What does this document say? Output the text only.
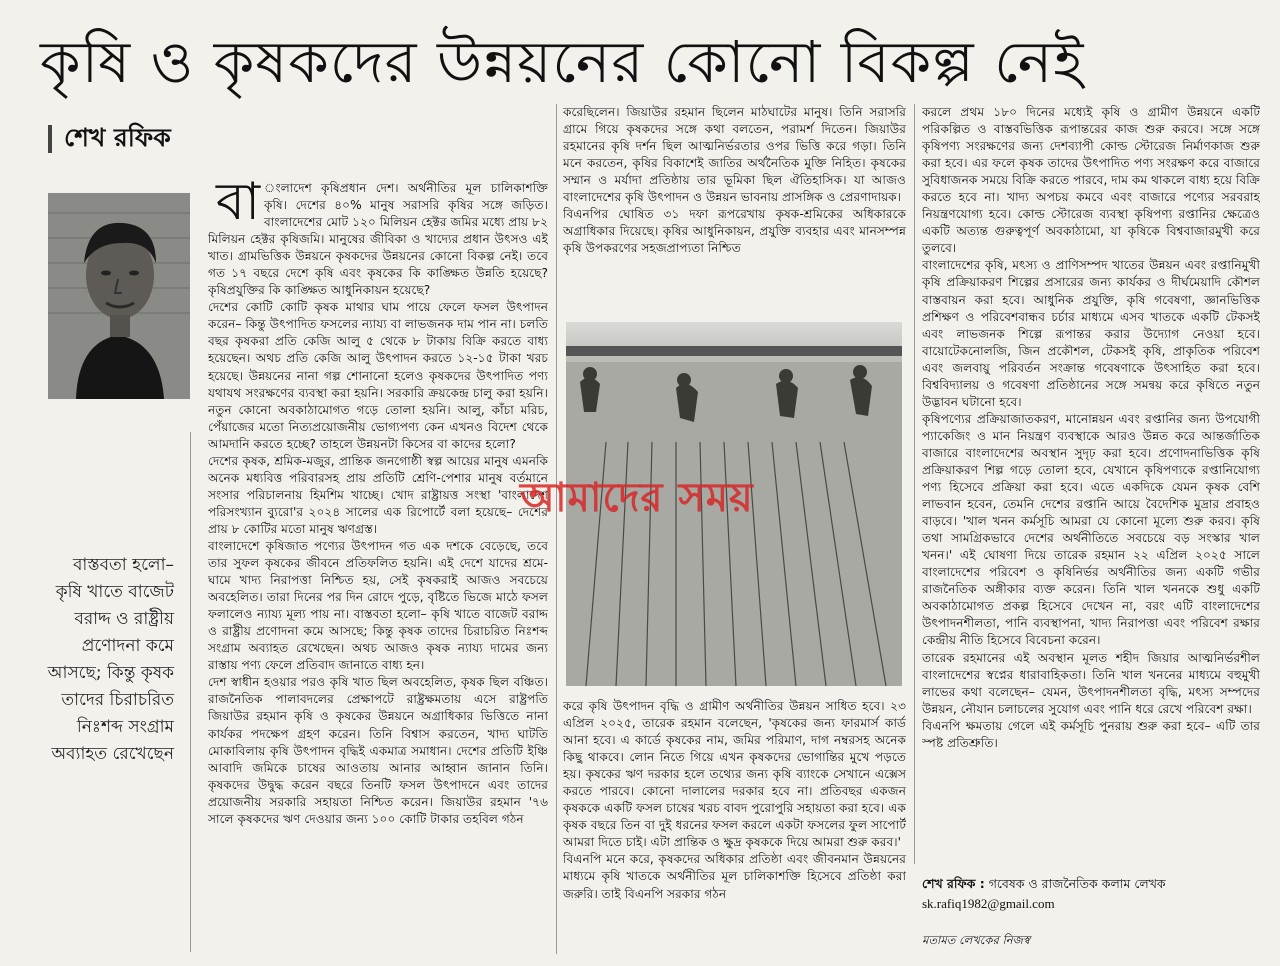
কৃষি ও কৃষকদের উন্নয়নের কোনো বিকল্প নেই
শেখ রফিক
বাস্তবতা হলো– কৃষি খাতে বাজেট বরাদ্দ ও রাষ্ট্রীয় প্রণোদনা কমে আসছে; কিন্তু কৃষক তাদের চিরাচরিত নিঃশব্দ সংগ্রাম অব্যাহত রেখেছেন
বা ংলাদেশ কৃষিপ্রধান দেশ। অর্থনীতির মূল চালিকাশক্তি কৃষি। দেশের ৪০% মানুষ সরাসরি কৃষির সঙ্গে জড়িত। বাংলাদেশের মোট ১২০ মিলিয়ন হেক্টর জমির মধ্যে প্রায় ৮২ মিলিয়ন হেক্টর কৃষিজমি। মানুষের জীবিকা ও খাদ্যের প্রধান উৎসও এই খাত। গ্রামভিত্তিক উন্নয়নে কৃষকদের উন্নয়নের কোনো বিকল্প নেই। তবে গত ১৭ বছরে দেশে কৃষি এবং কৃষকের কি কাঙ্ক্ষিত উন্নতি হয়েছে? কৃষিপ্রযুক্তির কি কাঙ্ক্ষিত আধুনিকায়ন হয়েছে?

দেশের কোটি কোটি কৃষক মাথার ঘাম পায়ে ফেলে ফসল উৎপাদন করেন– কিন্তু উৎপাদিত ফসলের ন্যায্য বা লাভজনক দাম পান না। চলতি বছর কৃষকরা প্রতি কেজি আলু ৫ থেকে ৮ টাকায় বিক্রি করতে বাধ্য হয়েছেন। অথচ প্রতি কেজি আলু উৎপাদন করতে ১২-১৫ টাকা খরচ হয়েছে। উন্নয়নের নানা গল্প শোনানো হলেও কৃষকদের উৎপাদিত পণ্য যথাযথ সংরক্ষণের ব্যবস্থা করা হয়নি। সরকারি ক্রয়কেন্দ্র চালু করা হয়নি। নতুন কোনো অবকাঠামোগত গড়ে তোলা হয়নি। আলু, কাঁচা মরিচ, পেঁয়াজের মতো নিত্যপ্রয়োজনীয় ভোগ্যপণ্য কেন এখনও বিদেশ থেকে আমদানি করতে হচ্ছে? তাহলে উন্নয়নটা কিসের বা কাদের হলো?

দেশের কৃষক, শ্রমিক-মজুর, প্রান্তিক জনগোষ্ঠী স্বল্প আয়ের মানুষ এমনকি অনেক মধ্যবিত্ত পরিবারসহ প্রায় প্রতিটি শ্রেণি-পেশার মানুষ বর্তমানে সংসার পরিচালনায় হিমশিম খাচ্ছে। খোদ রাষ্ট্রায়ত্ত সংস্থা 'বাংলাদেশ পরিসংখ্যান ব্যুরো'র ২০২৪ সালের এক রিপোর্টে বলা হয়েছে– দেশের প্রায় ৮ কোটির মতো মানুষ ঋণগ্রস্ত।

বাংলাদেশে কৃষিজাত পণ্যের উৎপাদন গত এক দশকে বেড়েছে, তবে তার সুফল কৃষকের জীবনে প্রতিফলিত হয়নি। এই দেশে যাদের শ্রমে-ঘামে খাদ্য নিরাপত্তা নিশ্চিত হয়, সেই কৃষকরাই আজও সবচেয়ে অবহেলিত। তারা দিনের পর দিন রোদে পুড়ে, বৃষ্টিতে ভিজে মাঠে ফসল ফলালেও ন্যায্য মূল্য পায় না। বাস্তবতা হলো– কৃষি খাতে বাজেট বরাদ্দ ও রাষ্ট্রীয় প্রণোদনা কমে আসছে; কিন্তু কৃষক তাদের চিরাচরিত নিঃশব্দ সংগ্রাম অব্যাহত রেখেছেন। অথচ আজও কৃষক ন্যায্য দামের জন্য রাস্তায় পণ্য ফেলে প্রতিবাদ জানাতে বাধ্য হন।

দেশ স্বাধীন হওয়ার পরও কৃষি খাত ছিল অবহেলিত, কৃষক ছিল বঞ্চিত। রাজনৈতিক পালাবদলের প্রেক্ষাপটে রাষ্ট্রক্ষমতায় এসে রাষ্ট্রপতি জিয়াউর রহমান কৃষি ও কৃষকের উন্নয়নে অগ্রাধিকার ভিত্তিতে নানা কার্যকর পদক্ষেপ গ্রহণ করেন। তিনি বিশ্বাস করতেন, খাদ্য ঘাটতি মোকাবিলায় কৃষি উৎপাদন বৃদ্ধিই একমাত্র সমাধান। দেশের প্রতিটি ইঞ্চি আবাদি জমিকে চাষের আওতায় আনার আহ্বান জানান তিনি। কৃষকদের উদ্বুদ্ধ করেন বছরে তিনটি ফসল উৎপাদনে এবং তাদের প্রয়োজনীয় সরকারি সহায়তা নিশ্চিত করেন। জিয়াউর রহমান '৭৬ সালে কৃষকদের ঋণ দেওয়ার জন্য ১০০ কোটি টাকার তহবিল গঠন

করেছিলেন। জিয়াউর রহমান ছিলেন মাঠঘাটের মানুষ। তিনি সরাসরি গ্রামে গিয়ে কৃষকদের সঙ্গে কথা বলতেন, পরামর্শ দিতেন। জিয়াউর রহমানের কৃষি দর্শন ছিল আত্মনির্ভরতার ওপর ভিত্তি করে গড়া। তিনি মনে করতেন, কৃষির বিকাশেই জাতির অর্থনৈতিক মুক্তি নিহিত। কৃষকের সম্মান ও মর্যাদা প্রতিষ্ঠায় তার ভূমিকা ছিল ঐতিহাসিক। যা আজও বাংলাদেশের কৃষি উৎপাদন ও উন্নয়ন ভাবনায় প্রাসঙ্গিক ও প্রেরণাদায়ক।

বিএনপির ঘোষিত ৩১ দফা রূপরেখায় কৃষক-শ্রমিকের অধিকারকে অগ্রাধিকার দিয়েছে। কৃষির আধুনিকায়ন, প্রযুক্তি ব্যবহার এবং মানসম্পন্ন কৃষি উপকরণের সহজপ্রাপ্যতা নিশ্চিত

আমাদের সময়

করে কৃষি উৎপাদন বৃদ্ধি ও গ্রামীণ অর্থনীতির উন্নয়ন সাধিত হবে। ২৩ এপ্রিল ২০২৫, তারেক রহমান বলেছেন, 'কৃষকের জন্য ফারমার্স কার্ড আনা হবে। এ কার্ডে কৃষকের নাম, জমির পরিমাণ, দাগ নম্বরসহ অনেক কিছু থাকবে। লোন নিতে গিয়ে এখন কৃষকদের ভোগান্তির মুখে পড়তে হয়। কৃষকের ঋণ দরকার হলে তথ্যের জন্য কৃষি ব্যাংকে সেখানে এক্সেস করতে পারবে। কোনো দালালের দরকার হবে না। প্রতিবছর একজন কৃষককে একটি ফসল চাষের খরচ বাবদ পুরোপুরি সহায়তা করা হবে। এক কৃষক বছরে তিন বা দুই ধরনের ফসল করলে একটা ফসলের ফুল সাপোর্ট আমরা দিতে চাই। এটা প্রান্তিক ও ক্ষুদ্র কৃষককে দিয়ে আমরা শুরু করব।'

বিএনপি মনে করে, কৃষকদের অধিকার প্রতিষ্ঠা এবং জীবনমান উন্নয়নের মাধ্যমে কৃষি খাতকে অর্থনীতির মূল চালিকাশক্তি হিসেবে প্রতিষ্ঠা করা জরুরি। তাই বিএনপি সরকার গঠন

করলে প্রথম ১৮০ দিনের মধ্যেই কৃষি ও গ্রামীণ উন্নয়নে একটি পরিকল্পিত ও বাস্তবভিত্তিক রূপান্তরের কাজ শুরু করবে। সঙ্গে সঙ্গে কৃষিপণ্য সংরক্ষণের জন্য দেশব্যাপী কোল্ড স্টোরেজ নির্মাণকাজ শুরু করা হবে। এর ফলে কৃষক তাদের উৎপাদিত পণ্য সংরক্ষণ করে বাজারে সুবিধাজনক সময়ে বিক্রি করতে পারবে, দাম কম থাকলে বাধ্য হয়ে বিক্রি করতে হবে না। খাদ্য অপচয় কমবে এবং বাজারে পণ্যের সরবরাহ নিয়ন্ত্রণযোগ্য হবে। কোল্ড স্টোরেজ ব্যবস্থা কৃষিপণ্য রপ্তানির ক্ষেত্রেও একটি অত্যন্ত গুরুত্বপূর্ণ অবকাঠামো, যা কৃষিকে বিশ্ববাজারমুখী করে তুলবে।

বাংলাদেশের কৃষি, মৎস্য ও প্রাণিসম্পদ খাতের উন্নয়ন এবং রপ্তানিমুখী কৃষি প্রক্রিয়াকরণ শিল্পের প্রসারের জন্য কার্যকর ও দীর্ঘমেয়াদি কৌশল বাস্তবায়ন করা হবে। আধুনিক প্রযুক্তি, কৃষি গবেষণা, জ্ঞানভিত্তিক প্রশিক্ষণ ও পরিবেশবান্ধব চর্চার মাধ্যমে এসব খাতকে একটি টেকসই এবং লাভজনক শিল্পে রূপান্তর করার উদ্যোগ নেওয়া হবে। বায়োটেকনোলজি, জিন প্রকৌশল, টেকসই কৃষি, প্রাকৃতিক পরিবেশ এবং জলবায়ু পরিবর্তন সংক্রান্ত গবেষণাকে উৎসাহিত করা হবে। বিশ্ববিদ্যালয় ও গবেষণা প্রতিষ্ঠানের সঙ্গে সমন্বয় করে কৃষিতে নতুন উদ্ভাবন ঘটানো হবে।

কৃষিপণ্যের প্রক্রিয়াজাতকরণ, মানোন্নয়ন এবং রপ্তানির জন্য উপযোগী প্যাকেজিং ও মান নিয়ন্ত্রণ ব্যবস্থাকে আরও উন্নত করে আন্তর্জাতিক বাজারে বাংলাদেশের অবস্থান সুদৃঢ় করা হবে। প্রণোদনাভিত্তিক কৃষি প্রক্রিয়াকরণ শিল্প গড়ে তোলা হবে, যেখানে কৃষিপণ্যকে রপ্তানিযোগ্য পণ্য হিসেবে প্রক্রিয়া করা হবে। এতে একদিকে যেমন কৃষক বেশি লাভবান হবেন, তেমনি দেশের রপ্তানি আয়ে বৈদেশিক মুদ্রার প্রবাহও বাড়বে। 'খাল খনন কর্মসূচি আমরা যে কোনো মূল্যে শুরু করব। কৃষি তথা সামগ্রিকভাবে দেশের অর্থনীতিতে সবচেয়ে বড় সংস্কার খাল খনন।' এই ঘোষণা দিয়ে তারেক রহমান ২২ এপ্রিল ২০২৫ সালে বাংলাদেশের পরিবেশ ও কৃষিনির্ভর অর্থনীতির জন্য একটি গভীর রাজনৈতিক অঙ্গীকার ব্যক্ত করেন। তিনি খাল খননকে শুধু একটি অবকাঠামোগত প্রকল্প হিসেবে দেখেন না, বরং এটি বাংলাদেশের উৎপাদনশীলতা, পানি ব্যবস্থাপনা, খাদ্য নিরাপত্তা এবং পরিবেশ রক্ষার কেন্দ্রীয় নীতি হিসেবে বিবেচনা করেন।

তারেক রহমানের এই অবস্থান মূলত শহীদ জিয়ার আত্মনির্ভরশীল বাংলাদেশের স্বপ্নের ধারাবাহিকতা। তিনি খাল খননের মাধ্যমে বহুমুখী লাভের কথা বলেছেন– যেমন, উৎপাদনশীলতা বৃদ্ধি, মৎস্য সম্পদের উন্নয়ন, নৌযান চলাচলের সুযোগ এবং পানি ধরে রেখে পরিবেশ রক্ষা।

বিএনপি ক্ষমতায় গেলে এই কর্মসূচি পুনরায় শুরু করা হবে– এটি তার স্পষ্ট প্রতিশ্রুতি।

শেখ রফিক : গবেষক ও রাজনৈতিক কলাম লেখক
sk.rafiq1982@gmail.com
মতামত লেখকের নিজস্ব
